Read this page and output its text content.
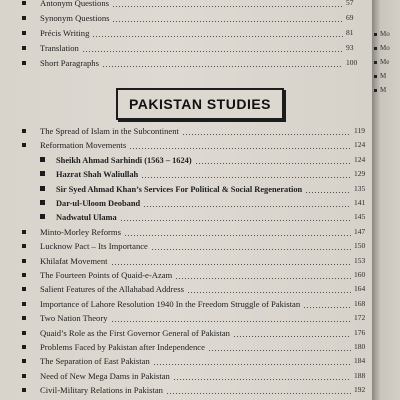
Antonym Questions	57
Synonym Questions	69
Précis Writing	81
Translation	93
Short Paragraphs	100
PAKISTAN STUDIES
The Spread of Islam in the Subcontinent	119
Reformation Movements	124
Sheikh Ahmad Sarhindi (1563 – 1624)	124
Hazrat Shah Waliullah	129
Sir Syed Ahmad Khan’s Services For Political & Social Regeneration	135
Dar-ul-Uloom Deoband	141
Nadwatul Ulama	145
Minto-Morley Reforms	147
Lucknow Pact – Its Importance	150
Khilafat Movement	153
The Fourteen Points of Quaid-e-Azam	160
Salient Features of the Allahabad Address	164
Importance of Lahore Resolution 1940 In the Freedom Struggle of Pakistan	168
Two Nation Theory	172
Quaid’s Role as the First Governor General of Pakistan	176
Problems Faced by Pakistan after Independence	180
The Separation of East Pakistan	184
Need of New Mega Dams in Pakistan	188
Civil-Military Relations in Pakistan	192
Mo
Mo
Me
M
M
